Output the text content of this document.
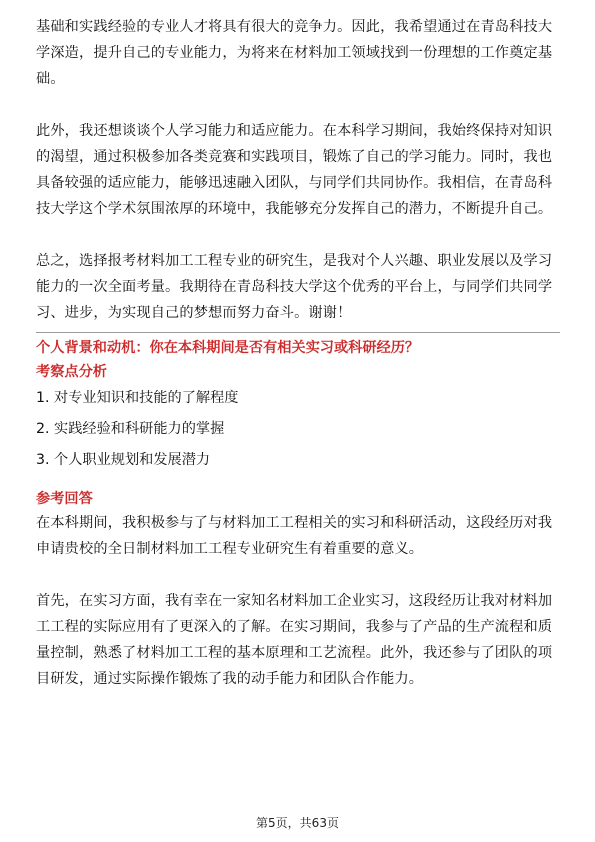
基础和实践经验的专业人才将具有很大的竞争力。因此，我希望通过在青岛科技大

学深造，提升自己的专业能力，为将来在材料加工领域找到一份理想的工作奠定基

础。

此外，我还想谈谈个人学习能力和适应能力。在本科学习期间，我始终保持对知识

的渴望，通过积极参加各类竞赛和实践项目，锻炼了自己的学习能力。同时，我也

具备较强的适应能力，能够迅速融入团队，与同学们共同协作。我相信，在青岛科

技大学这个学术氛围浓厚的环境中，我能够充分发挥自己的潜力，不断提升自己。

总之，选择报考材料加工工程专业的研究生，是我对个人兴趣、职业发展以及学习

能力的一次全面考量。我期待在青岛科技大学这个优秀的平台上，与同学们共同学

习、进步，为实现自己的梦想而努力奋斗。谢谢！

个人背景和动机：你在本科期间是否有相关实习或科研经历？

考察点分析

1. 对专业知识和技能的了解程度
2. 实践经验和科研能力的掌握
3. 个人职业规划和发展潜力

参考回答

在本科期间，我积极参与了与材料加工工程相关的实习和科研活动，这段经历对我

申请贵校的全日制材料加工工程专业研究生有着重要的意义。

首先，在实习方面，我有幸在一家知名材料加工企业实习，这段经历让我对材料加

工工程的实际应用有了更深入的了解。在实习期间，我参与了产品的生产流程和质

量控制，熟悉了材料加工工程的基本原理和工艺流程。此外，我还参与了团队的项

目研发，通过实际操作锻炼了我的动手能力和团队合作能力。

第5页，共63页
